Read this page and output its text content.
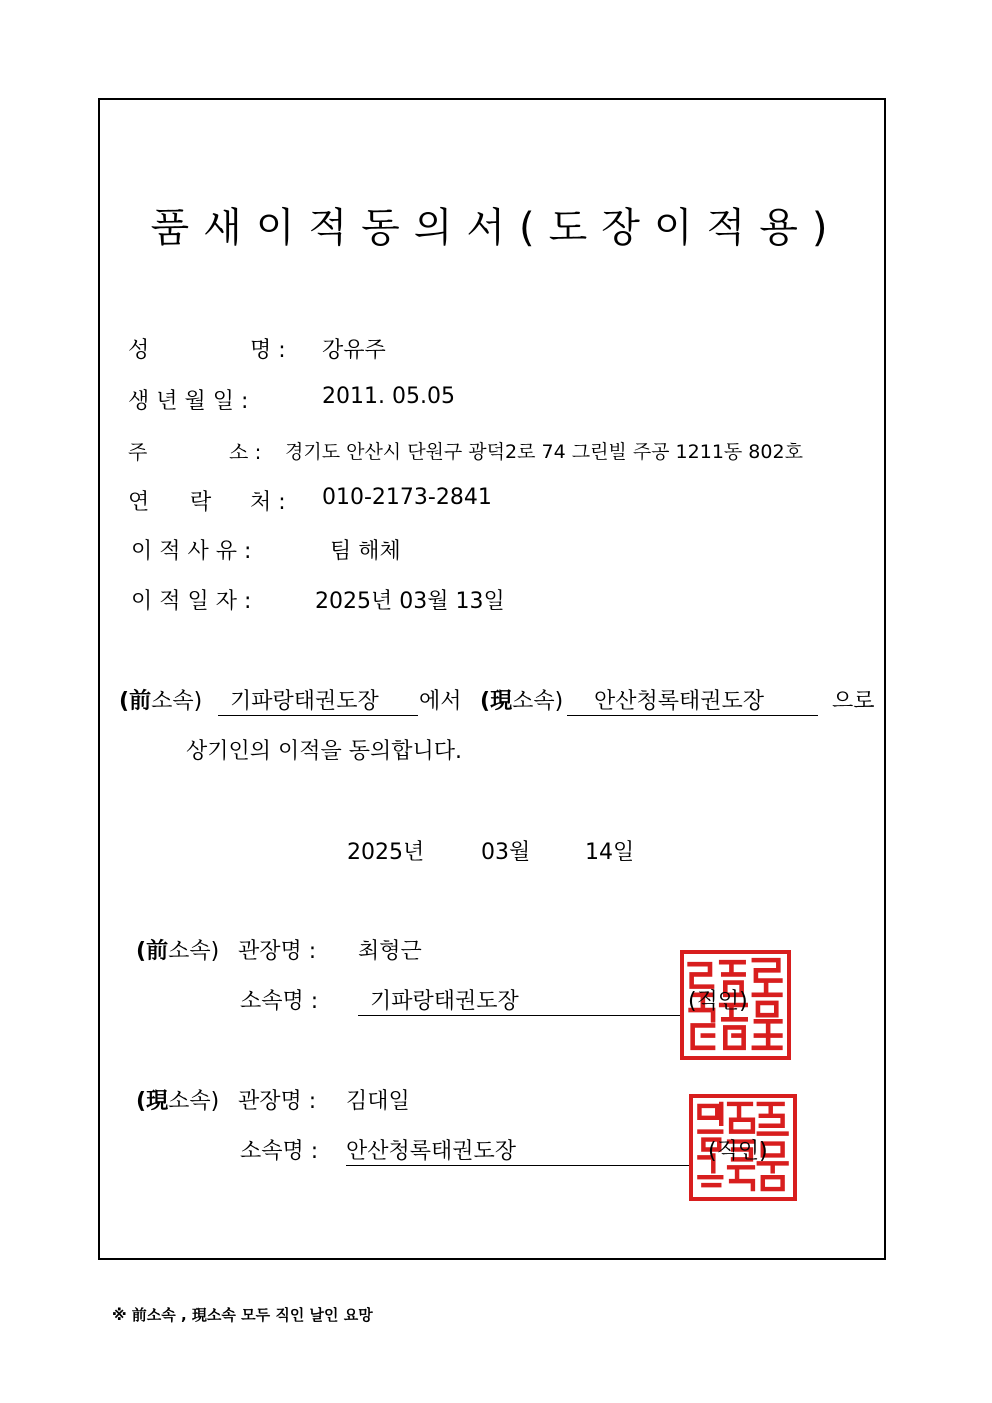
품새이적동의서(도장이적용)
성	명 : 강유주
생 년 월 일 :	2011. 05.05
주	소 : 경기도 안산시 단원구 광덕2로 74 그린빌 주공 1211동 802호
연 락 처 : 010-2173-2841
이 적 사 유 :	팀 해체
이 적 일 자 :	2025년 03월 13일
(前소속)	기파랑태권도장	에서 (現소속)	안산청록태권도장	으로
상기인의 이적을 동의합니다.
2025년	03월 14일
(前소속) 관장명 : 최형근
소속명 :	기파랑태권도장	(직인)
(現소속) 관장명 : 김대일
소속명 : 안산청록태권도장	(직인)
※ 前소속 , 現소속 모두 직인 날인 요망
